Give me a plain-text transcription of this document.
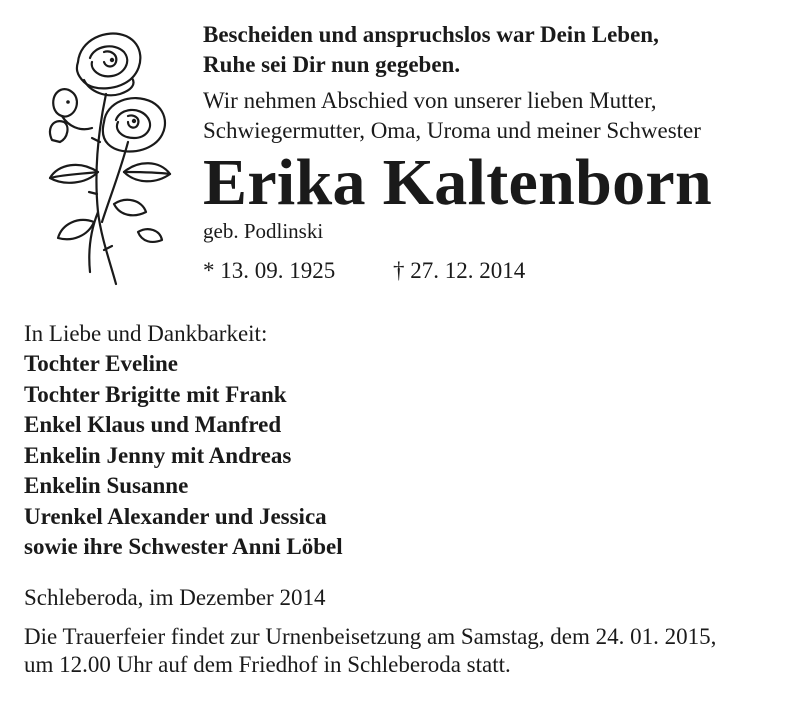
Bescheiden und anspruchslos war Dein Leben,
Ruhe sei Dir nun gegeben.
Wir nehmen Abschied von unserer lieben Mutter,
Schwiegermutter, Oma, Uroma und meiner Schwester
Erika Kaltenborn
geb. Podlinski
* 13. 09. 1925	† 27. 12. 2014
In Liebe und Dankbarkeit:
Tochter Eveline
Tochter Brigitte mit Frank
Enkel Klaus und Manfred
Enkelin Jenny mit Andreas
Enkelin Susanne
Urenkel Alexander und Jessica
sowie ihre Schwester Anni Löbel
Schleberoda, im Dezember 2014
Die Trauerfeier findet zur Urnenbeisetzung am Samstag, dem 24. 01. 2015,
um 12.00 Uhr auf dem Friedhof in Schleberoda statt.
